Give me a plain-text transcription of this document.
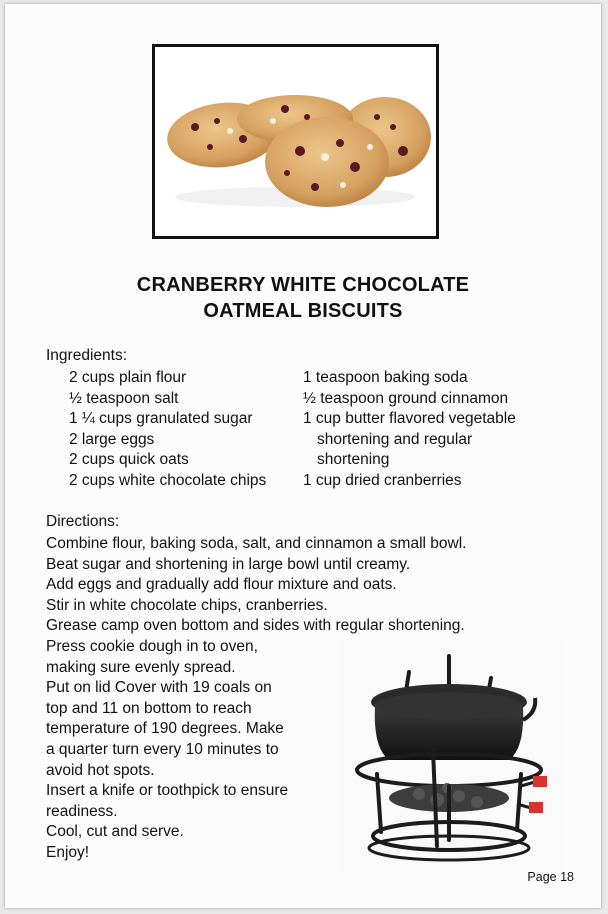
CRANBERRY WHITE CHOCOLATE
OATMEAL BISCUITS
Ingredients:
2 cups plain flour
½ teaspoon salt
1 ¼ cups granulated sugar
2 large eggs
2 cups quick oats
2 cups white chocolate chips
1 teaspoon baking soda
½ teaspoon ground cinnamon
1 cup butter flavored vegetable
shortening and regular
shortening
1 cup dried cranberries
Directions:
Combine flour, baking soda, salt, and cinnamon a small bowl.
Beat sugar and shortening in large bowl until creamy.
Add eggs and gradually add flour mixture and oats.
Stir in white chocolate chips, cranberries.
Grease camp oven bottom and sides with regular shortening.
Press cookie dough in to oven,
making sure evenly spread.
Put on lid Cover with 19 coals on
top and 11 on bottom to reach
temperature of 190 degrees. Make
a quarter turn every 10 minutes to
avoid hot spots.
Insert a knife or toothpick to ensure
readiness.
Cool, cut and serve.
Enjoy!
Page 18
